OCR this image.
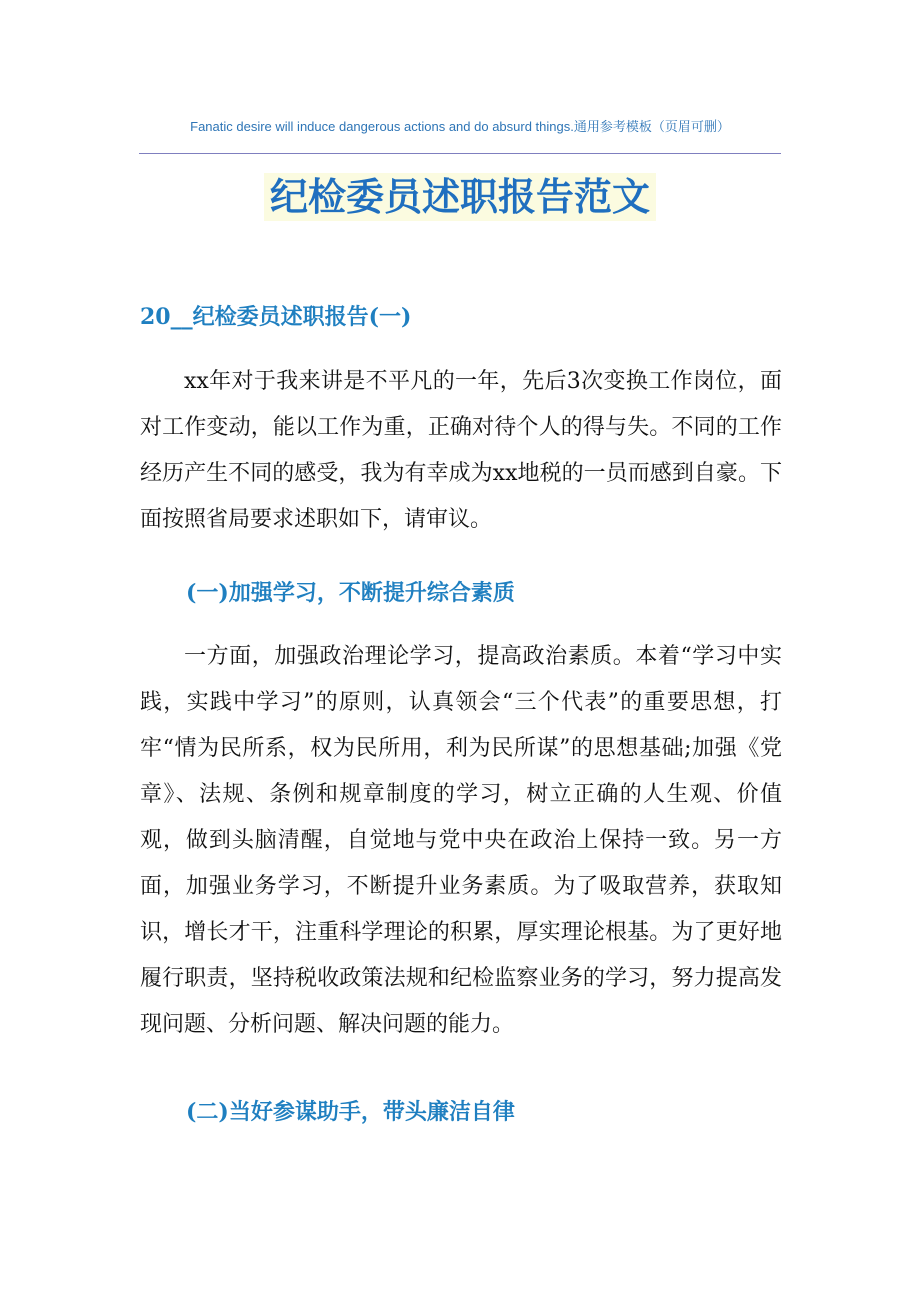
Fanatic desire will induce dangerous actions and do absurd things.通用参考模板（页眉可删）
纪检委员述职报告范文
20__纪检委员述职报告(一)

xx年对于我来讲是不平凡的一年，先后3次变换工作岗位，面对工作变动，能以工作为重，正确对待个人的得与失。不同的工作经历产生不同的感受，我为有幸成为xx地税的一员而感到自豪。下面按照省局要求述职如下，请审议。

(一)加强学习，不断提升综合素质

一方面，加强政治理论学习，提高政治素质。本着“学习中实践，实践中学习”的原则，认真领会“三个代表”的重要思想，打牢“情为民所系，权为民所用，利为民所谋”的思想基础;加强《党章》、法规、条例和规章制度的学习，树立正确的人生观、价值观，做到头脑清醒，自觉地与党中央在政治上保持一致。另一方面，加强业务学习，不断提升业务素质。为了吸取营养，获取知识，增长才干，注重科学理论的积累，厚实理论根基。为了更好地履行职责，坚持税收政策法规和纪检监察业务的学习，努力提高发现问题、分析问题、解决问题的能力。

(二)当好参谋助手，带头廉洁自律
